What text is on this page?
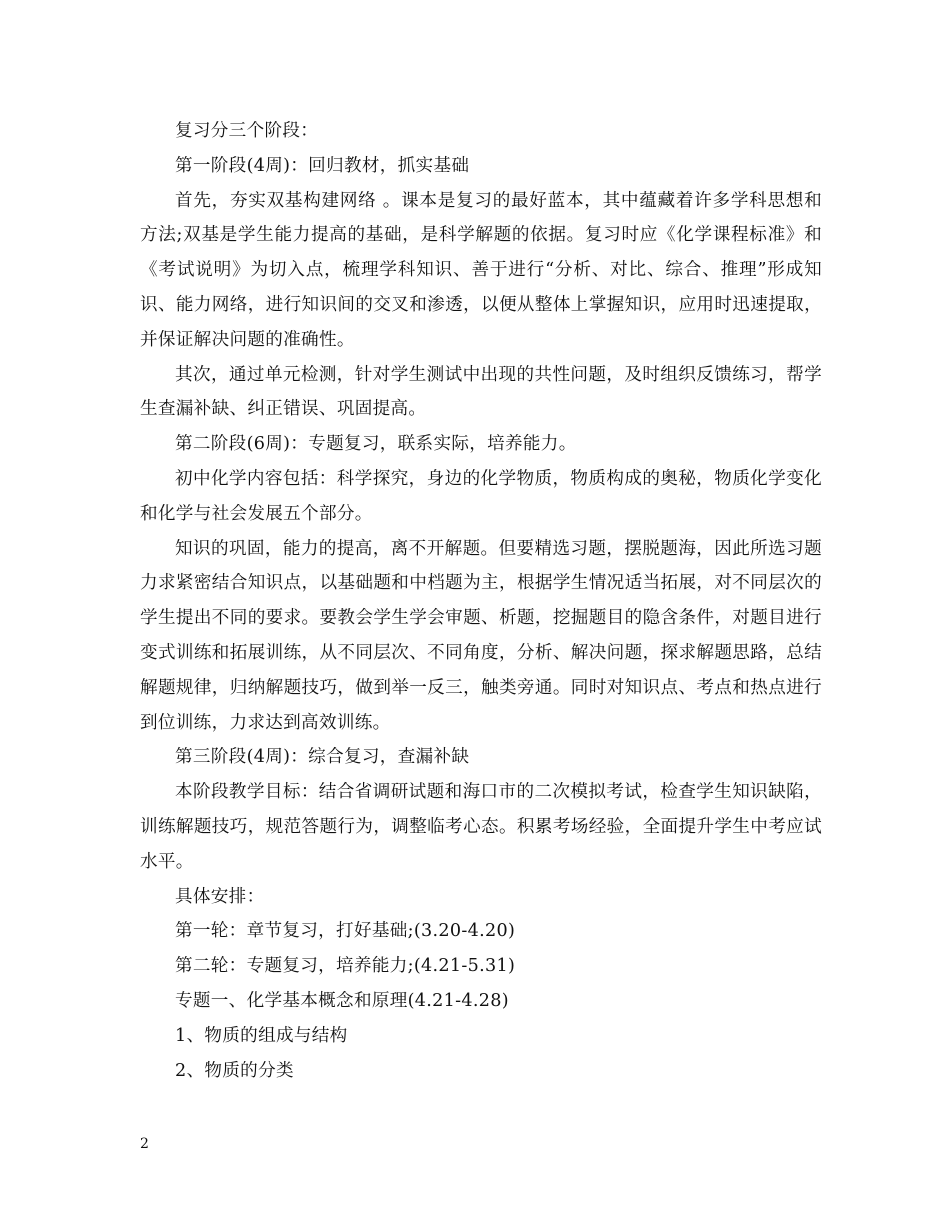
复习分三个阶段：

第一阶段(4周)：回归教材，抓实基础

首先，夯实双基构建网络 。课本是复习的最好蓝本，其中蕴藏着许多学科思想和方法;双基是学生能力提高的基础，是科学解题的依据。复习时应《化学课程标准》和《考试说明》为切入点，梳理学科知识、善于进行“分析、对比、综合、推理”形成知识、能力网络，进行知识间的交叉和渗透，以便从整体上掌握知识，应用时迅速提取，并保证解决问题的准确性。

其次，通过单元检测，针对学生测试中出现的共性问题，及时组织反馈练习，帮学生查漏补缺、纠正错误、巩固提高。

第二阶段(6周)：专题复习，联系实际，培养能力。

初中化学内容包括：科学探究，身边的化学物质，物质构成的奥秘，物质化学变化和化学与社会发展五个部分。

知识的巩固，能力的提高，离不开解题。但要精选习题，摆脱题海，因此所选习题力求紧密结合知识点，以基础题和中档题为主，根据学生情况适当拓展，对不同层次的学生提出不同的要求。要教会学生学会审题、析题，挖掘题目的隐含条件，对题目进行变式训练和拓展训练，从不同层次、不同角度，分析、解决问题，探求解题思路，总结解题规律，归纳解题技巧，做到举一反三，触类旁通。同时对知识点、考点和热点进行到位训练，力求达到高效训练。

第三阶段(4周)：综合复习，查漏补缺

本阶段教学目标：结合省调研试题和海口市的二次模拟考试，检查学生知识缺陷，训练解题技巧，规范答题行为，调整临考心态。积累考场经验，全面提升学生中考应试水平。

具体安排：

第一轮：章节复习，打好基础;(3.20-4.20)

第二轮：专题复习，培养能力;(4.21-5.31)

专题一、化学基本概念和原理(4.21-4.28)

1、物质的组成与结构

2、物质的分类

2
